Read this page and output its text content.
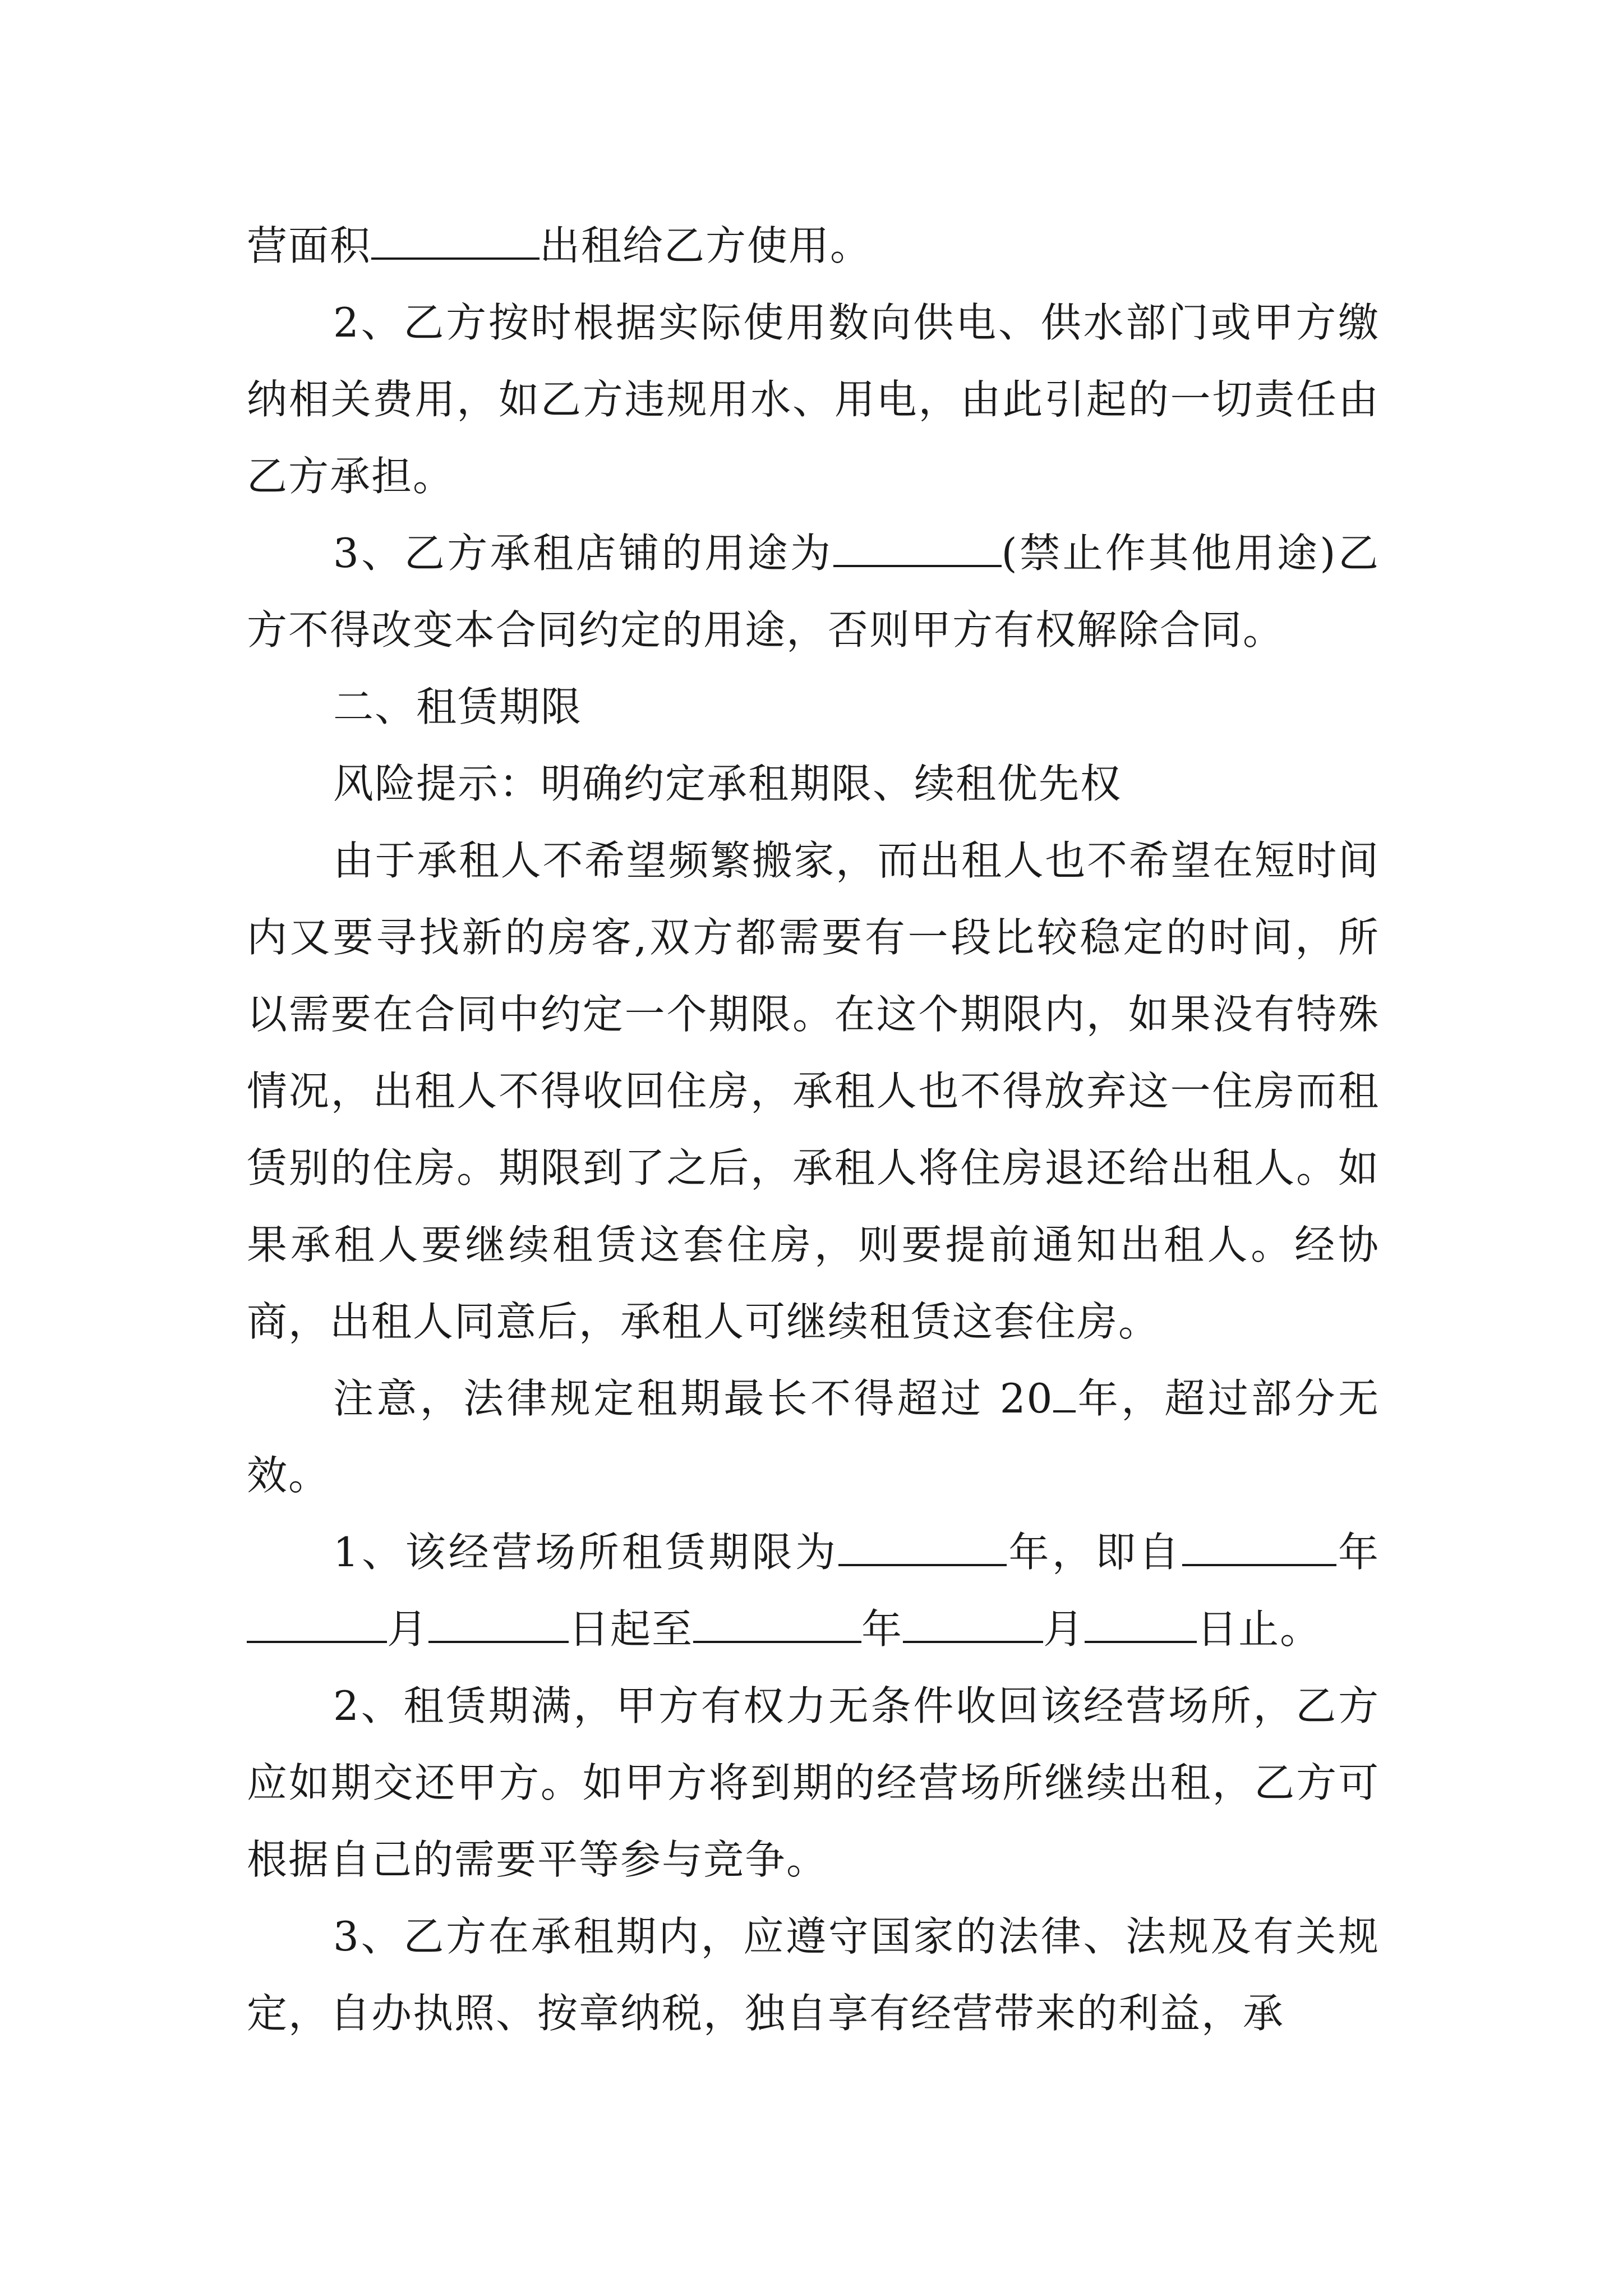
营面积	出租给乙方使用。

2、乙方按时根据实际使用数向供电、供水部门或甲方缴纳相关费用，如乙方违规用水、用电，由此引起的一切责任由乙方承担。

3、乙方承租店铺的用途为	(禁止作其他用途)乙方不得改变本合同约定的用途，否则甲方有权解除合同。

二、租赁期限

风险提示：明确约定承租期限、续租优先权

由于承租人不希望频繁搬家，而出租人也不希望在短时间内又要寻找新的房客,双方都需要有一段比较稳定的时间，所以需要在合同中约定一个期限。在这个期限内，如果没有特殊情况，出租人不得收回住房，承租人也不得放弃这一住房而租赁别的住房。期限到了之后，承租人将住房退还给出租人。如果承租人要继续租赁这套住房，则要提前通知出租人。经协商，出租人同意后，承租人可继续租赁这套住房。

注意，法律规定租期最长不得超过 20 年，超过部分无效。

1、该经营场所租赁期限为	年，即自	年月	日起至	年	月	日止。

2、租赁期满，甲方有权力无条件收回该经营场所，乙方应如期交还甲方。如甲方将到期的经营场所继续出租，乙方可根据自己的需要平等参与竞争。

3、乙方在承租期内，应遵守国家的法律、法规及有关规定，自办执照、按章纳税，独自享有经营带来的利益，承
